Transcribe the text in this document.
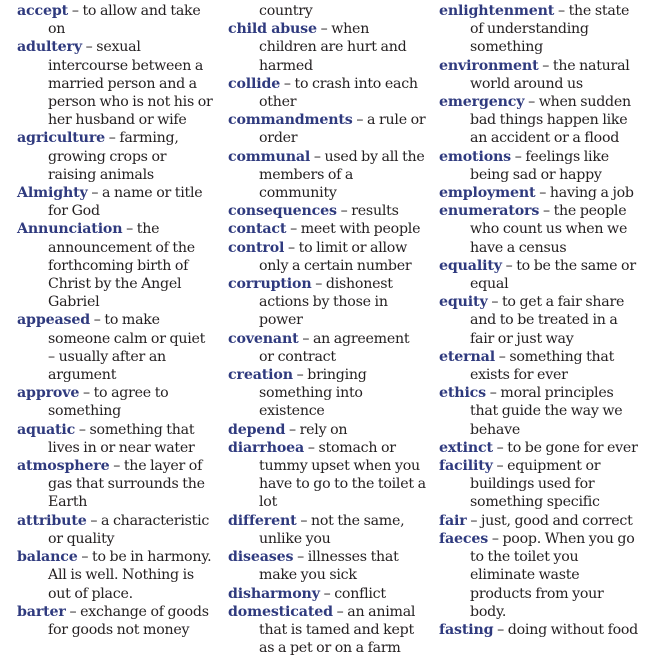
accept – to allow and take on
adultery – sexual intercourse between a married person and a person who is not his or her husband or wife
agriculture – farming, growing crops or raising animals
Almighty – a name or title for God
Annunciation – the announcement of the forthcoming birth of Christ by the Angel Gabriel
appeased – to make someone calm or quiet – usually after an argument
approve – to agree to something
aquatic – something that lives in or near water
atmosphere – the layer of gas that surrounds the Earth
attribute – a characteristic or quality
balance – to be in harmony. All is well. Nothing is out of place.
barter – exchange of goods for goods not money
country
child abuse – when children are hurt and harmed
collide – to crash into each other
commandments – a rule or order
communal – used by all the members of a community
consequences – results
contact – meet with people
control – to limit or allow only a certain number
corruption – dishonest actions by those in power
covenant – an agreement or contract
creation – bringing something into existence
depend – rely on
diarrhoea – stomach or tummy upset when you have to go to the toilet a lot
different – not the same, unlike you
diseases – illnesses that make you sick
disharmony – conflict
domesticated – an animal that is tamed and kept as a pet or on a farm
enlightenment – the state of understanding something
environment – the natural world around us
emergency – when sudden bad things happen like an accident or a flood
emotions – feelings like being sad or happy
employment – having a job
enumerators – the people who count us when we have a census
equality – to be the same or equal
equity – to get a fair share and to be treated in a fair or just way
eternal – something that exists for ever
ethics – moral principles that guide the way we behave
extinct – to be gone for ever
facility – equipment or buildings used for something specific
fair – just, good and correct
faeces – poop. When you go to the toilet you eliminate waste products from your body.
fasting – doing without food
